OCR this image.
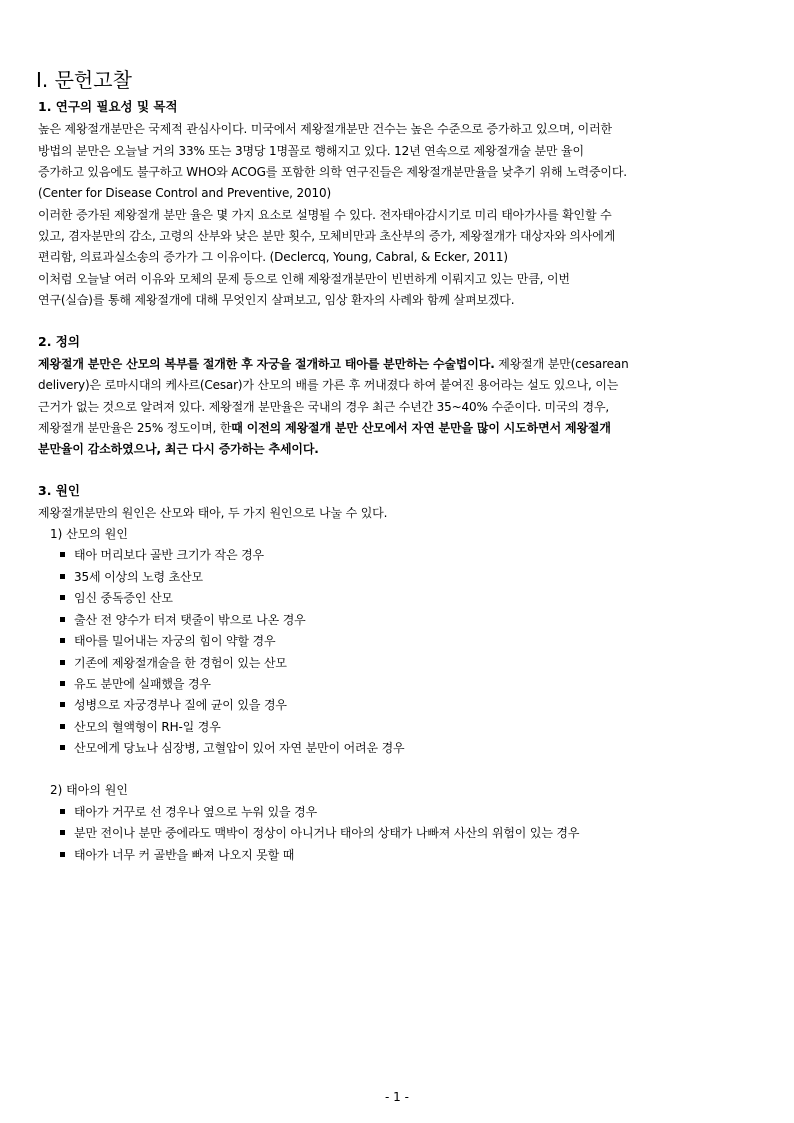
Ⅰ. 문헌고찰
1. 연구의 필요성 및 목적
높은 제왕절개분만은 국제적 관심사이다. 미국에서 제왕절개분만 건수는 높은 수준으로 증가하고 있으며, 이러한
방법의 분만은 오늘날 거의 33% 또는 3명당 1명꼴로 행해지고 있다. 12년 연속으로 제왕절개술 분만 율이
증가하고 있음에도 불구하고 WHO와 ACOG를 포함한 의학 연구진들은 제왕절개분만율을 낮추기 위해 노력중이다.
(Center for Disease Control and Preventive, 2010)
이러한 증가된 제왕절개 분만 율은 몇 가지 요소로 설명될 수 있다. 전자태아감시기로 미리 태아가사를 확인할 수
있고, 겸자분만의 감소, 고령의 산부와 낮은 분만 횟수, 모체비만과 초산부의 증가, 제왕절개가 대상자와 의사에게
편리함, 의료과실소송의 증가가 그 이유이다. (Declercq, Young, Cabral, & Ecker, 2011)
이처럼 오늘날 여러 이유와 모체의 문제 등으로 인해 제왕절개분만이 빈번하게 이뤄지고 있는 만큼, 이번
연구(실습)를 통해 제왕절개에 대해 무엇인지 살펴보고, 임상 환자의 사례와 함께 살펴보겠다.
2. 정의
제왕절개 분만은 산모의 복부를 절개한 후 자궁을 절개하고 태아를 분만하는 수술법이다. 제왕절개 분만(cesarean
delivery)은 로마시대의 케사르(Cesar)가 산모의 배를 가른 후 꺼내졌다 하여 붙여진 용어라는 설도 있으나, 이는
근거가 없는 것으로 알려져 있다. 제왕절개 분만율은 국내의 경우 최근 수년간 35~40% 수준이다. 미국의 경우,
제왕절개 분만율은 25% 정도이며, 한때 이전의 제왕절개 분만 산모에서 자연 분만을 많이 시도하면서 제왕절개
분만율이 감소하였으나, 최근 다시 증가하는 추세이다.
3. 원인
제왕절개분만의 원인은 산모와 태아, 두 가지 원인으로 나눌 수 있다.
1) 산모의 원인
태아 머리보다 골반 크기가 작은 경우
35세 이상의 노령 초산모
임신 중독증인 산모
출산 전 양수가 터져 탯줄이 밖으로 나온 경우
태아를 밀어내는 자궁의 힘이 약할 경우
기존에 제왕절개술을 한 경험이 있는 산모
유도 분만에 실패했을 경우
성병으로 자궁경부나 질에 균이 있을 경우
산모의 혈액형이 RH-일 경우
산모에게 당뇨나 심장병, 고혈압이 있어 자연 분만이 어려운 경우
2) 태아의 원인
태아가 거꾸로 선 경우나 옆으로 누워 있을 경우
분만 전이나 분만 중에라도 맥박이 정상이 아니거나 태아의 상태가 나빠져 사산의 위험이 있는 경우
태아가 너무 커 골반을 빠져 나오지 못할 때
- 1 -
